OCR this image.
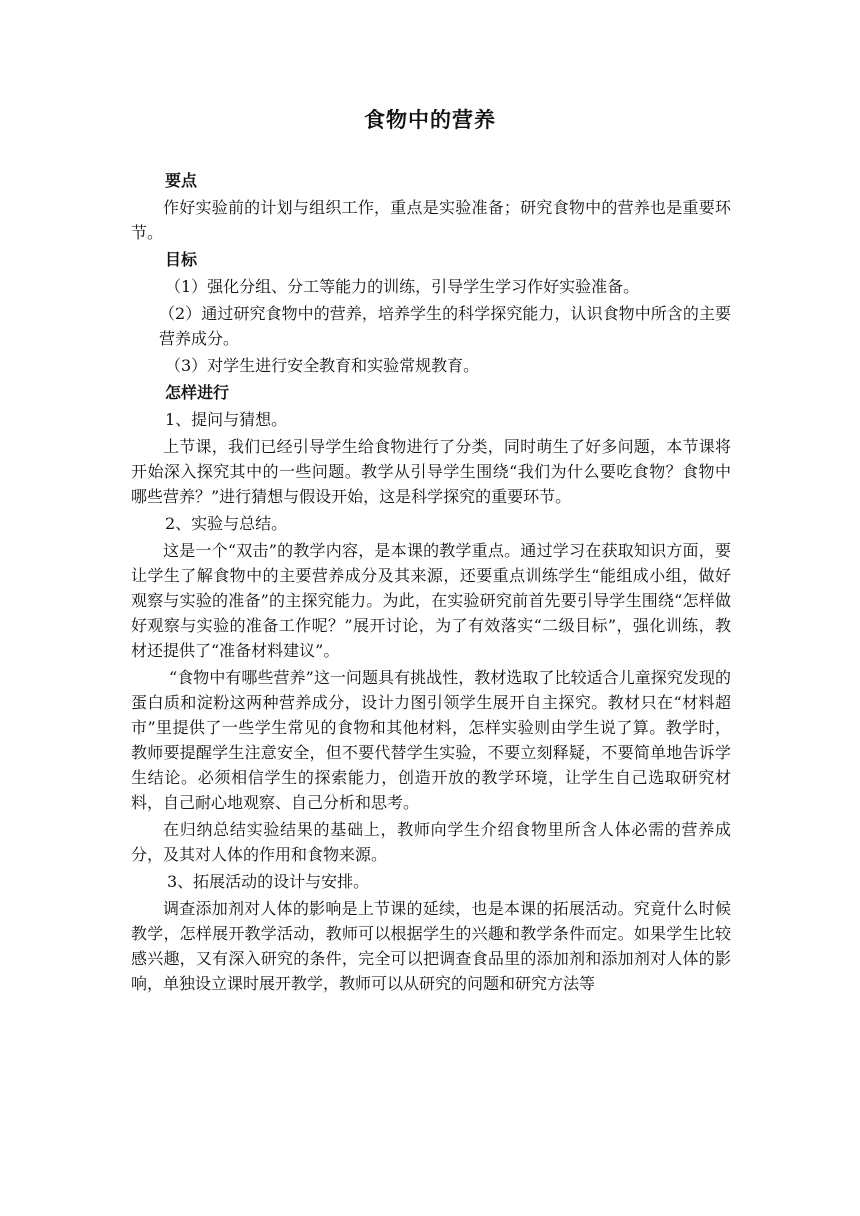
食物中的营养

要点

作好实验前的计划与组织工作，重点是实验准备；研究食物中的营养也是重要环节。

目标

（1）强化分组、分工等能力的训练，引导学生学习作好实验准备。

（2）通过研究食物中的营养，培养学生的科学探究能力，认识食物中所含的主要营养成分。

（3）对学生进行安全教育和实验常规教育。

怎样进行

1、提问与猜想。

上节课，我们已经引导学生给食物进行了分类，同时萌生了好多问题，本节课将开始深入探究其中的一些问题。教学从引导学生围绕“我们为什么要吃食物？食物中哪些营养？”进行猜想与假设开始，这是科学探究的重要环节。

2、实验与总结。

这是一个“双击”的教学内容，是本课的教学重点。通过学习在获取知识方面，要让学生了解食物中的主要营养成分及其来源，还要重点训练学生“能组成小组，做好观察与实验的准备”的主探究能力。为此，在实验研究前首先要引导学生围绕“怎样做好观察与实验的准备工作呢？”展开讨论，为了有效落实“二级目标”，强化训练，教材还提供了“准备材料建议”。

“食物中有哪些营养”这一问题具有挑战性，教材选取了比较适合儿童探究发现的蛋白质和淀粉这两种营养成分，设计力图引领学生展开自主探究。教材只在“材料超市”里提供了一些学生常见的食物和其他材料，怎样实验则由学生说了算。教学时，教师要提醒学生注意安全，但不要代替学生实验，不要立刻释疑，不要简单地告诉学生结论。必须相信学生的探索能力，创造开放的教学环境，让学生自己选取研究材料，自己耐心地观察、自己分析和思考。

在归纳总结实验结果的基础上，教师向学生介绍食物里所含人体必需的营养成分，及其对人体的作用和食物来源。

3、拓展活动的设计与安排。

调查添加剂对人体的影响是上节课的延续，也是本课的拓展活动。究竟什么时候教学，怎样展开教学活动，教师可以根据学生的兴趣和教学条件而定。如果学生比较感兴趣，又有深入研究的条件，完全可以把调查食品里的添加剂和添加剂对人体的影响，单独设立课时展开教学，教师可以从研究的问题和研究方法等
